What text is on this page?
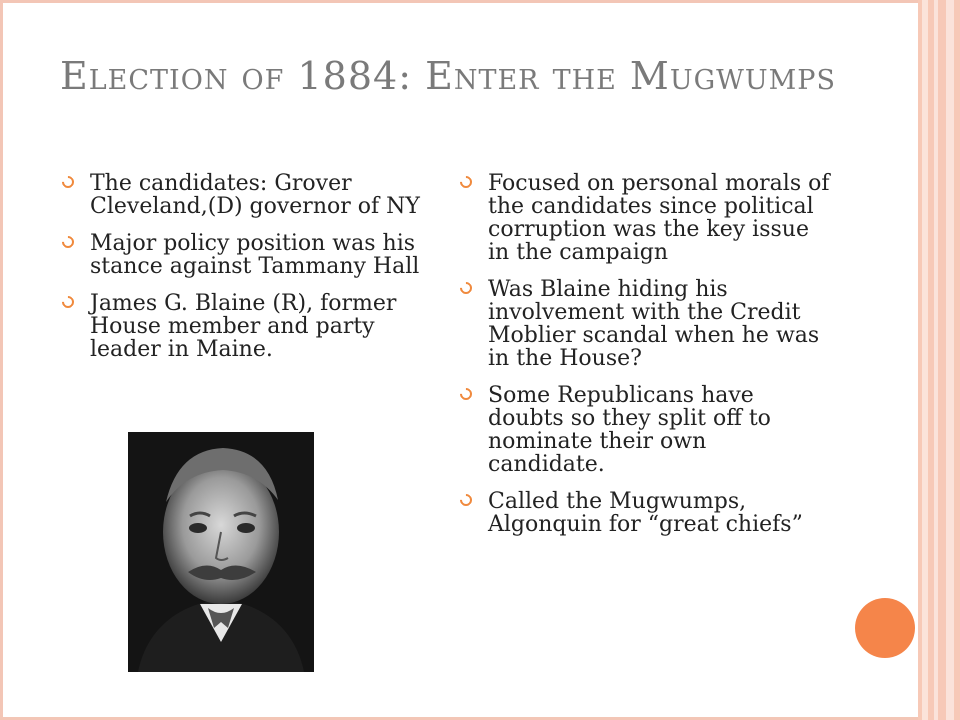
Election of 1884: Enter the Mugwumps
The candidates: Grover Cleveland,(D) governor of NY
Major policy position was his stance against Tammany Hall
James G. Blaine (R), former House member and party leader in Maine.
Focused on personal morals of the candidates since political corruption was the key issue in the campaign
Was Blaine hiding his involvement with the Credit Moblier scandal when he was in the House?
Some Republicans have doubts so they split off to nominate their own candidate.
Called the Mugwumps, Algonquin for “great chiefs”
